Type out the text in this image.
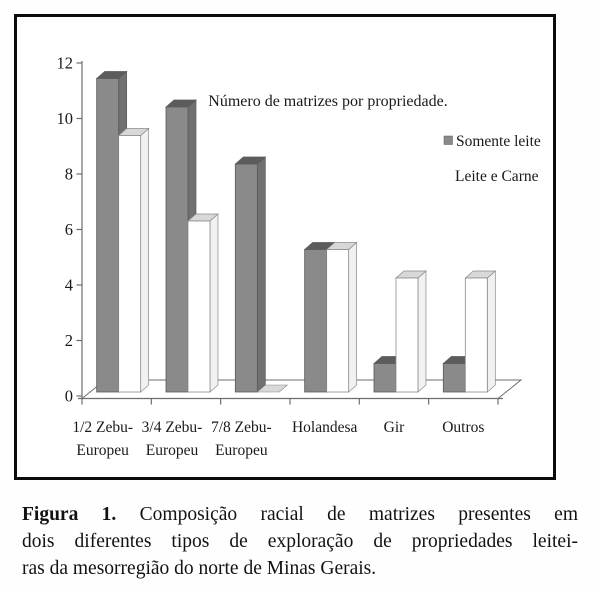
0
2
4
6
8
10
12
Número de matrizes por propriedade.
Somente leite
Leite e Carne
1/2 Zebu-
Europeu
3/4 Zebu-
Europeu
7/8 Zebu-
Europeu
Holandesa Gir Outros
Figura 1. Composição racial de matrizes presentes em
dois diferentes tipos de exploração de propriedades leitei-
ras da mesorregião do norte de Minas Gerais.
